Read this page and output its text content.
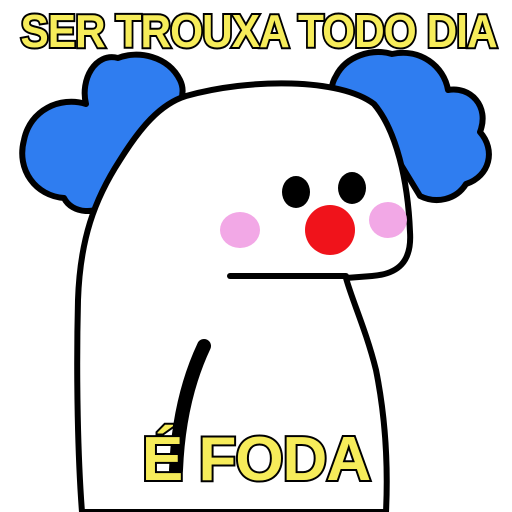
SER TROUXA TODO DIA
É FODA
